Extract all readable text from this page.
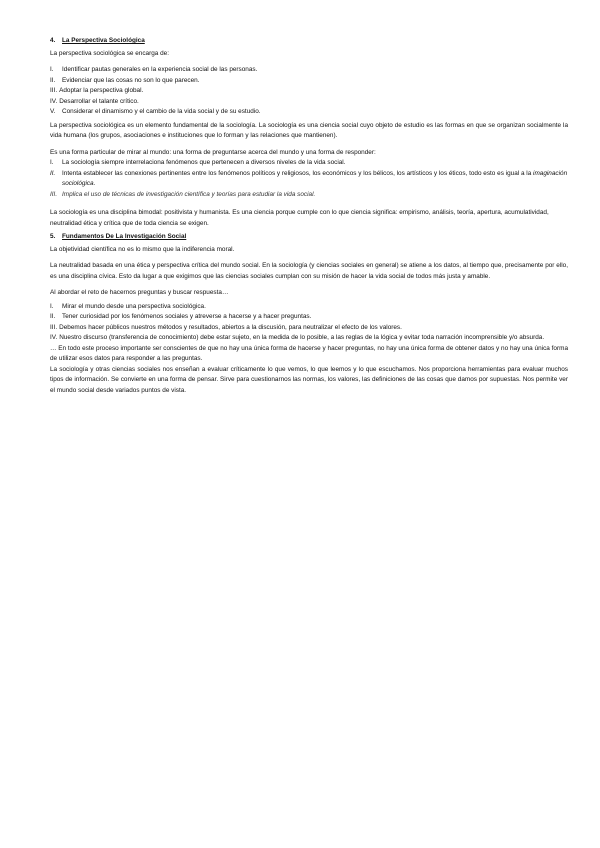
4. La Perspectiva Sociológica

La perspectiva sociológica se encarga de:

I.	Identificar pautas generales en la experiencia social de las personas.
II.	Evidenciar que las cosas no son lo que parecen.
III. Adoptar la perspectiva global.
IV. Desarrollar el talante crítico.
V.	Considerar el dinamismo y el cambio de la vida social y de su estudio.

La perspectiva sociológica es un elemento fundamental de la sociología. La sociología es una ciencia social cuyo objeto de estudio es las formas en que se organizan socialmente la vida humana (los grupos, asociaciones e instituciones que lo forman y las relaciones que mantienen).

Es una forma particular de mirar al mundo: una forma de preguntarse acerca del mundo y una forma de responder:

I.	La sociología siempre interrelaciona fenómenos que pertenecen a diversos niveles de la vida social.
II.	Intenta establecer las conexiones pertinentes entre los fenómenos políticos y religiosos, los económicos y los bélicos, los artísticos y los éticos, todo esto es igual a la imaginación sociológica.
III. Implica el uso de técnicas de investigación científica y teorías para estudiar la vida social.

La sociología es una disciplina bimodal: positivista y humanista. Es una ciencia porque cumple con lo que ciencia significa: empirismo, análisis, teoría, apertura, acumulatividad, neutralidad ética y crítica que de toda ciencia se exigen.

5. Fundamentos De La Investigación Social

La objetividad científica no es lo mismo que la indiferencia moral.

La neutralidad basada en una ética y perspectiva crítica del mundo social. En la sociología (y ciencias sociales en general) se atiene a los datos, al tiempo que, precisamente por ello, es una disciplina cívica. Esto da lugar a que exigimos que las ciencias sociales cumplan con su misión de hacer la vida social de todos más justa y amable.

Al abordar el reto de hacernos preguntas y buscar respuesta…

I.	Mirar el mundo desde una perspectiva sociológica.
II.	Tener curiosidad por los fenómenos sociales y atreverse a hacerse y a hacer preguntas.
III. Debemos hacer públicos nuestros métodos y resultados, abiertos a la discusión, para neutralizar el efecto de los valores.
IV. Nuestro discurso (transferencia de conocimiento) debe estar sujeto, en la medida de lo posible, a las reglas de la lógica y evitar toda narración incomprensible y/o absurda.

… En todo este proceso importante ser conscientes de que no hay una única forma de hacerse y hacer preguntas, no hay una única forma de obtener datos y no hay una única forma de utilizar esos datos para responder a las preguntas.

La sociología y otras ciencias sociales nos enseñan a evaluar críticamente lo que vemos, lo que leemos y lo que escuchamos. Nos proporciona herramientas para evaluar muchos tipos de información. Se convierte en una forma de pensar. Sirve para cuestionarnos las normas, los valores, las definiciones de las cosas que damos por supuestas. Nos permite ver el mundo social desde variados puntos de vista.
